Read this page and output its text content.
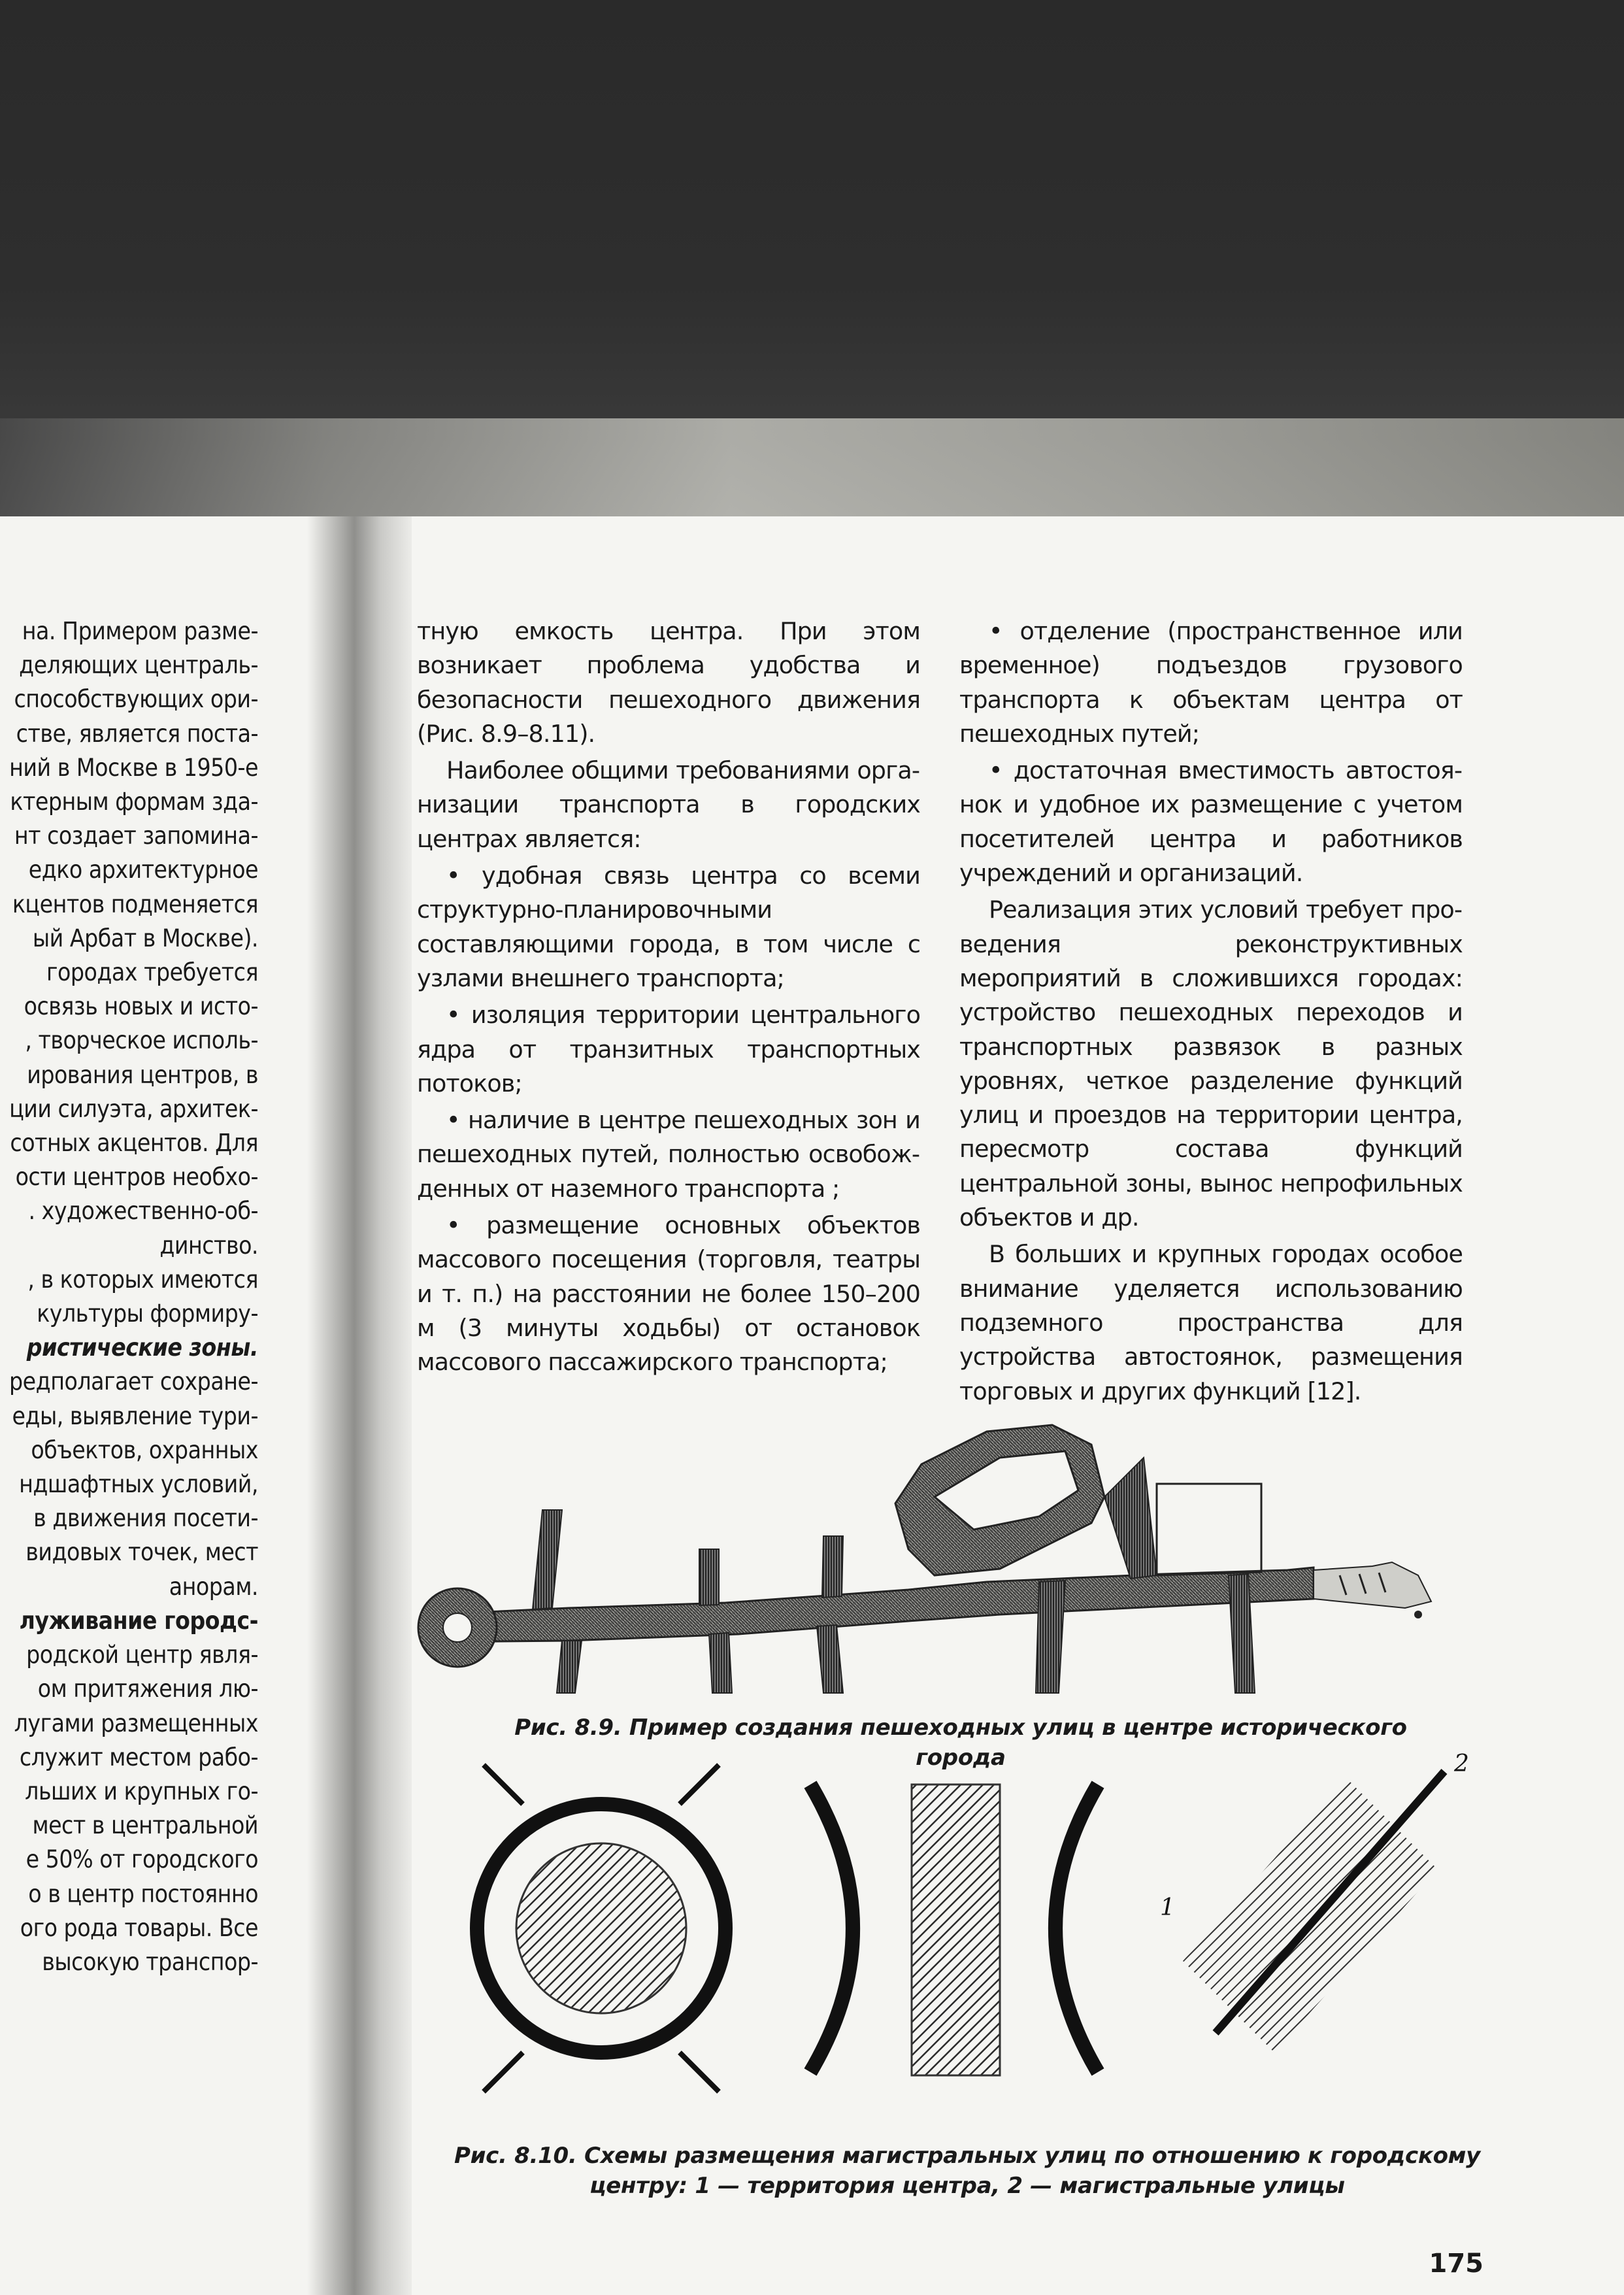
на. Примером разме-
деляющих централь-
способствующих ори-
стве, является поста-
ний в Москве в 1950-е
ктерным формам зда-
нт создает запомина-
едко архитектурное
кцентов подменяется
ый Арбат в Москве).
городах требуется
освязь новых и исто-
, творческое исполь-
ирования центров, в
ции силуэта, архитек-
сотных акцентов. Для
ости центров необхо-
. художественно-об-
динство.
, в которых имеются
культуры формиру-
ристические зоны.
редполагает сохране-
еды, выявление тури-
объектов, охранных
ндшафтных условий,
в движения посети-
видовых точек, мест
анорам.
луживание городс-
родской центр явля-
ом притяжения лю-
лугами размещенных
служит местом рабо-
льших и крупных го-
мест в центральной
е 50% от городского
о в центр постоянно
ого рода товары. Все
высокую транспор-

тную емкость центра. При этом возникает проблема удобства и безопасности пешеходного движения (Рис. 8.9–8.11).

Наиболее общими требованиями организации транспорта в городских центрах является:

• удобная связь центра со всеми структурно-планировочными составляющими города, в том числе с узлами внешнего транспорта;

• изоляция территории центрального ядра от транзитных транспортных потоков;

• наличие в центре пешеходных зон и пешеходных путей, полностью освобожденных от наземного транспорта ;

• размещение основных объектов массового посещения (торговля, театры и т. п.) на расстоянии не более 150–200 м (3 минуты ходьбы) от остановок массового пассажирского транспорта;

• отделение (пространственное или временное) подъездов грузового транспорта к объектам центра от пешеходных путей;

• достаточная вместимость автостоянок и удобное их размещение с учетом посетителей центра и работников учреждений и организаций.

Реализация этих условий требует проведения реконструктивных мероприятий в сложившихся городах: устройство пешеходных переходов и транспортных развязок в разных уровнях, четкое разделение функций улиц и проездов на территории центра, пересмотр состава функций центральной зоны, вынос непрофильных объектов и др.

В больших и крупных городах особое внимание уделяется использованию подземного пространства для устройства автостоянок, размещения торговых и других функций [12].

Рис. 8.9. Пример создания пешеходных улиц в центре исторического города	2
1
Рис. 8.10. Схемы размещения магистральных улиц по отношению к городскому
центру: 1 — территория центра, 2 — магистральные улицы
175
